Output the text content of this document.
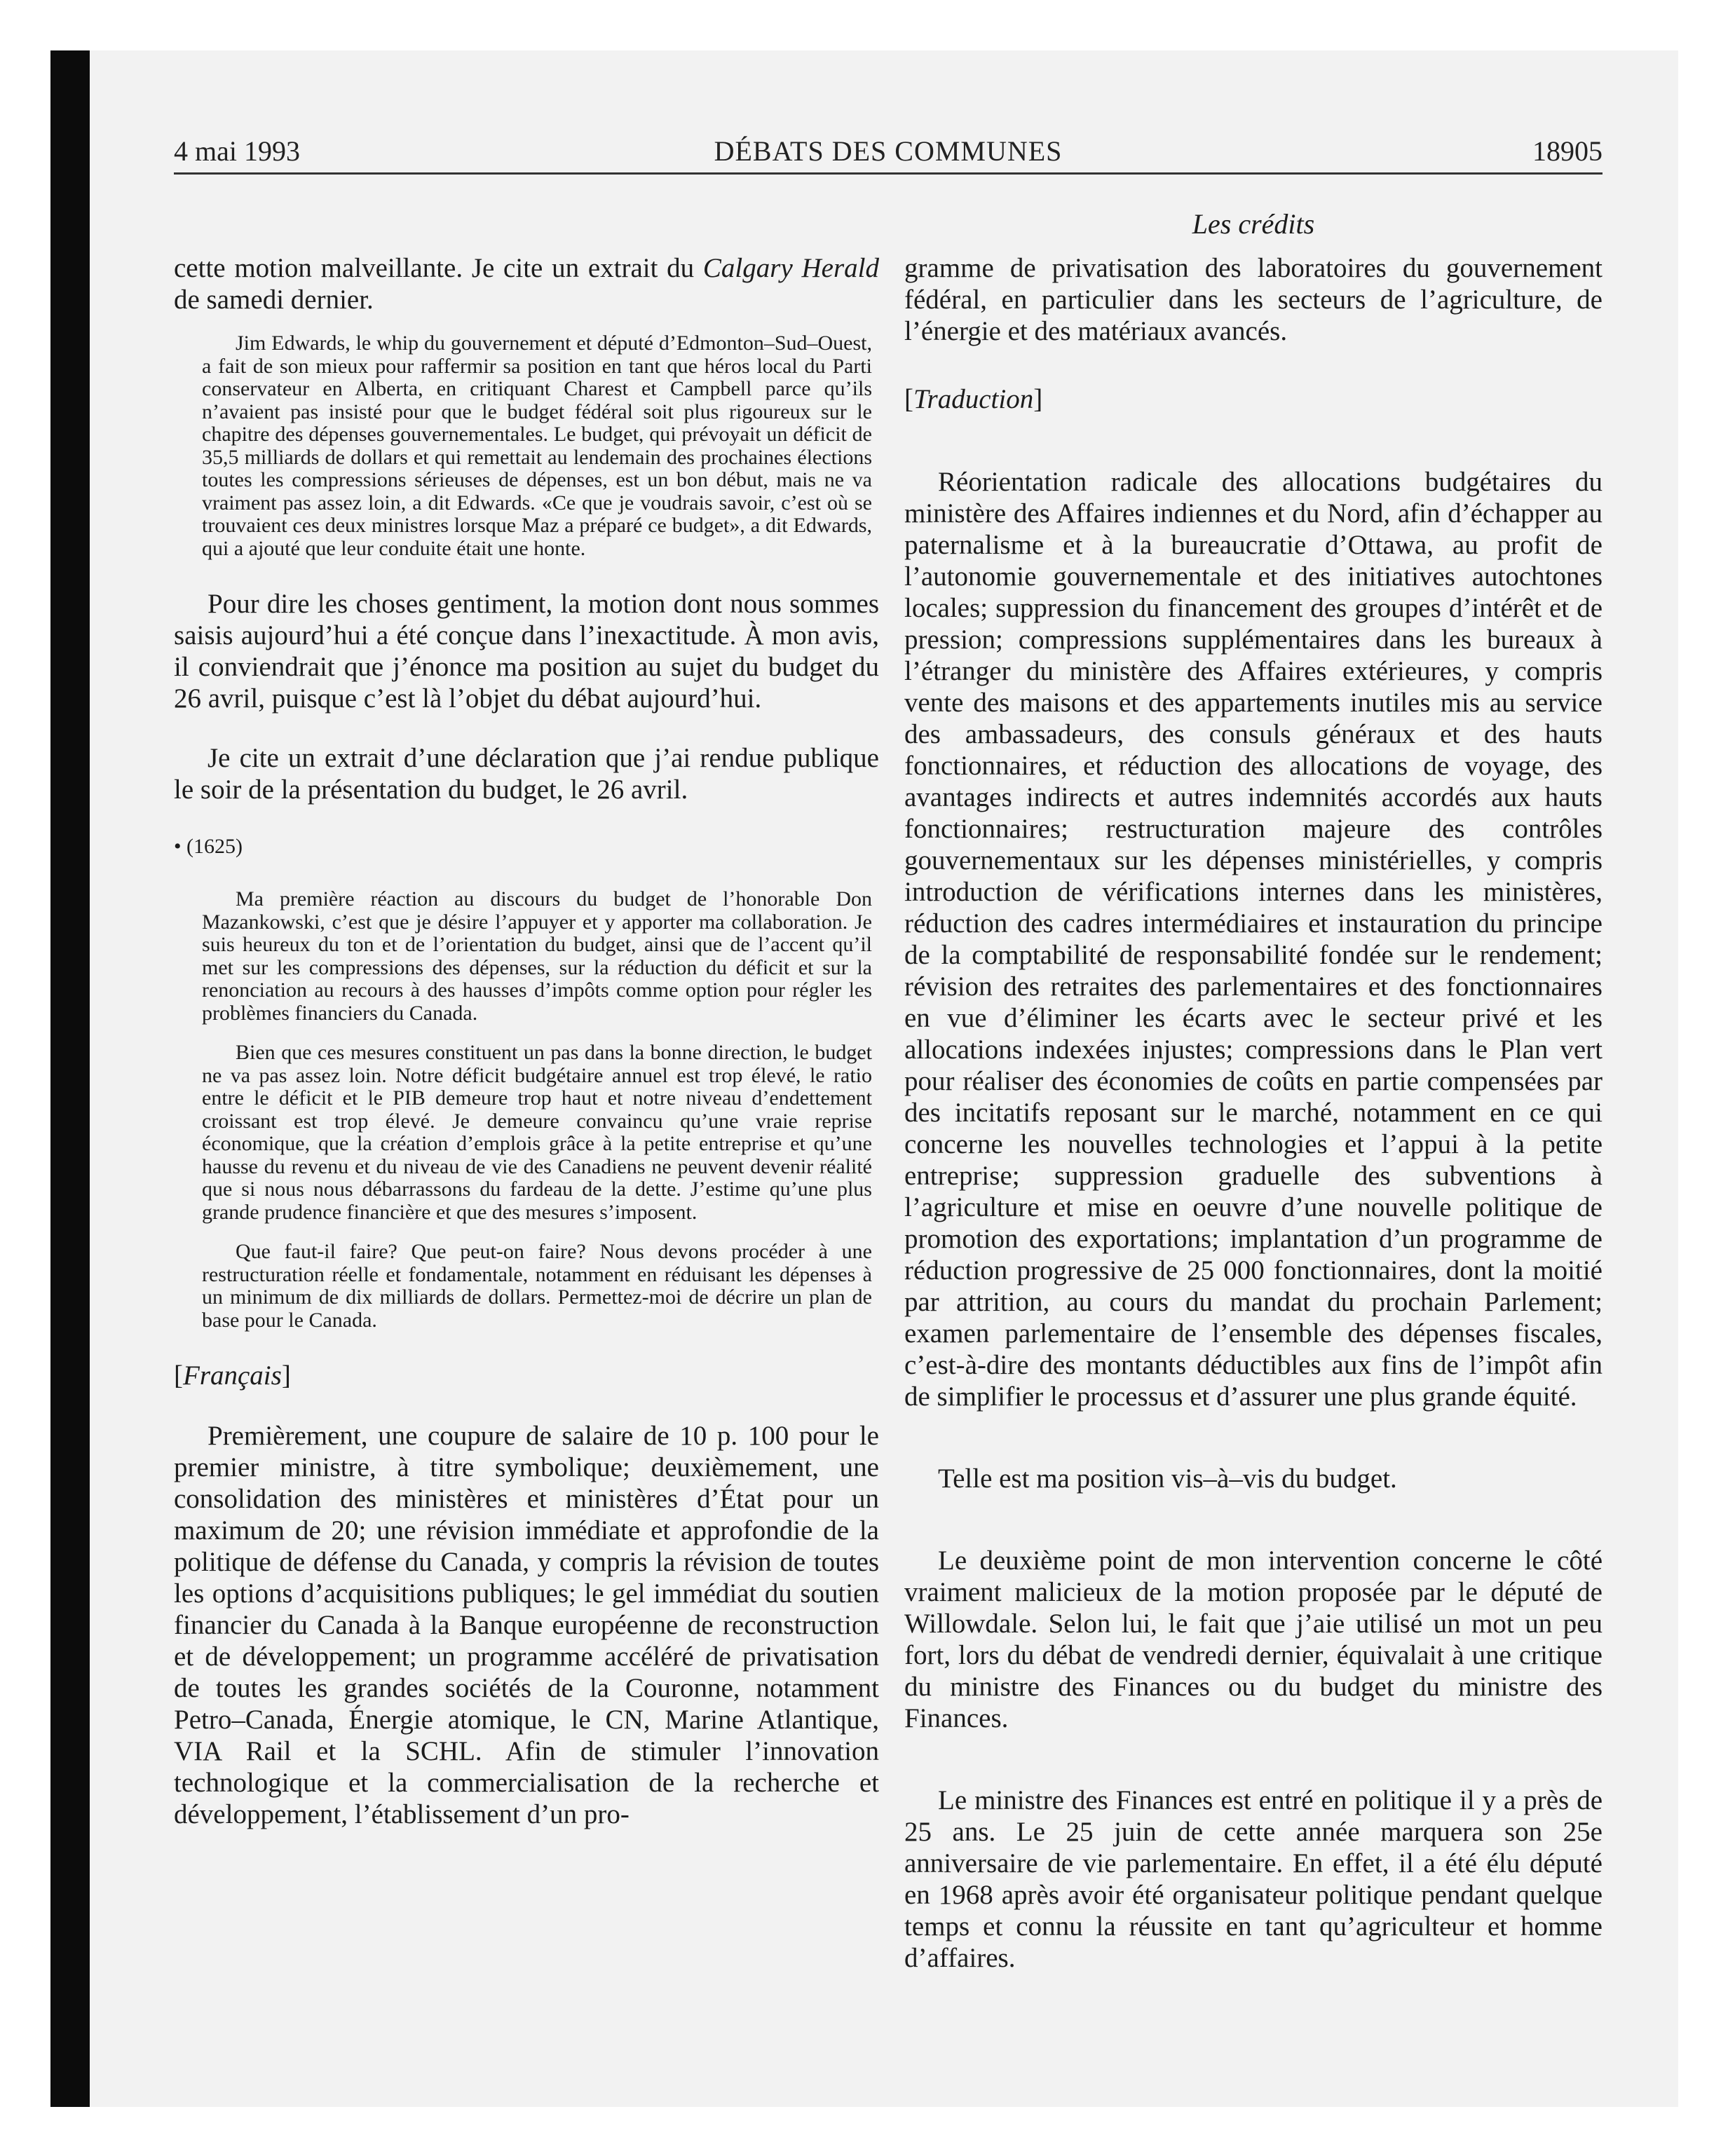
4 mai 1993	DÉBATS DES COMMUNES	18905
Les crédits

cette motion malveillante. Je cite un extrait du Calgary Herald de samedi dernier.

Jim Edwards, le whip du gouvernement et député d’Edmonton–Sud–Ouest, a fait de son mieux pour raffermir sa position en tant que héros local du Parti conservateur en Alberta, en critiquant Charest et Campbell parce qu’ils n’avaient pas insisté pour que le budget fédéral soit plus rigoureux sur le chapitre des dépenses gouvernementales. Le budget, qui prévoyait un déficit de 35,5 milliards de dollars et qui remettait au lendemain des prochaines élections toutes les compressions sérieuses de dépenses, est un bon début, mais ne va vraiment pas assez loin, a dit Edwards. «Ce que je voudrais savoir, c’est où se trouvaient ces deux ministres lorsque Maz a préparé ce budget», a dit Edwards, qui a ajouté que leur conduite était une honte.

Pour dire les choses gentiment, la motion dont nous sommes saisis aujourd’hui a été conçue dans l’inexactitude. À mon avis, il conviendrait que j’énonce ma position au sujet du budget du 26 avril, puisque c’est là l’objet du débat aujourd’hui.

Je cite un extrait d’une déclaration que j’ai rendue publique le soir de la présentation du budget, le 26 avril.

• (1625)

Ma première réaction au discours du budget de l’honorable Don Mazankowski, c’est que je désire l’appuyer et y apporter ma collaboration. Je suis heureux du ton et de l’orientation du budget, ainsi que de l’accent qu’il met sur les compressions des dépenses, sur la réduction du déficit et sur la renonciation au recours à des hausses d’impôts comme option pour régler les problèmes financiers du Canada.

Bien que ces mesures constituent un pas dans la bonne direction, le budget ne va pas assez loin. Notre déficit budgétaire annuel est trop élevé, le ratio entre le déficit et le PIB demeure trop haut et notre niveau d’endettement croissant est trop élevé. Je demeure convaincu qu’une vraie reprise économique, que la création d’emplois grâce à la petite entreprise et qu’une hausse du revenu et du niveau de vie des Canadiens ne peuvent devenir réalité que si nous nous débarrassons du fardeau de la dette. J’estime qu’une plus grande prudence financière et que des mesures s’imposent.

Que faut-il faire? Que peut-on faire? Nous devons procéder à une restructuration réelle et fondamentale, notamment en réduisant les dépenses à un minimum de dix milliards de dollars. Permettez-moi de décrire un plan de base pour le Canada.

[Français]

Premièrement, une coupure de salaire de 10 p. 100 pour le premier ministre, à titre symbolique; deuxièmement, une consolidation des ministères et ministères d’État pour un maximum de 20; une révision immédiate et approfondie de la politique de défense du Canada, y compris la révision de toutes les options d’acquisitions publiques; le gel immédiat du soutien financier du Canada à la Banque européenne de reconstruction et de développement; un programme accéléré de privatisation de toutes les grandes sociétés de la Couronne, notamment Petro–Canada, Énergie atomique, le CN, Marine Atlantique, VIA Rail et la SCHL. Afin de stimuler l’innovation technologique et la commercialisation de la recherche et développement, l’établissement d’un pro-

gramme de privatisation des laboratoires du gouvernement fédéral, en particulier dans les secteurs de l’agriculture, de l’énergie et des matériaux avancés.

[Traduction]

Réorientation radicale des allocations budgétaires du ministère des Affaires indiennes et du Nord, afin d’échapper au paternalisme et à la bureaucratie d’Ottawa, au profit de l’autonomie gouvernementale et des initiatives autochtones locales; suppression du financement des groupes d’intérêt et de pression; compressions supplémentaires dans les bureaux à l’étranger du ministère des Affaires extérieures, y compris vente des maisons et des appartements inutiles mis au service des ambassadeurs, des consuls généraux et des hauts fonctionnaires, et réduction des allocations de voyage, des avantages indirects et autres indemnités accordés aux hauts fonctionnaires; restructuration majeure des contrôles gouvernementaux sur les dépenses ministérielles, y compris introduction de vérifications internes dans les ministères, réduction des cadres intermédiaires et instauration du principe de la comptabilité de responsabilité fondée sur le rendement; révision des retraites des parlementaires et des fonctionnaires en vue d’éliminer les écarts avec le secteur privé et les allocations indexées injustes; compressions dans le Plan vert pour réaliser des économies de coûts en partie compensées par des incitatifs reposant sur le marché, notamment en ce qui concerne les nouvelles technologies et l’appui à la petite entreprise; suppression graduelle des subventions à l’agriculture et mise en oeuvre d’une nouvelle politique de promotion des exportations; implantation d’un programme de réduction progressive de 25 000 fonctionnaires, dont la moitié par attrition, au cours du mandat du prochain Parlement; examen parlementaire de l’ensemble des dépenses fiscales, c’est-à-dire des montants déductibles aux fins de l’impôt afin de simplifier le processus et d’assurer une plus grande équité.

Telle est ma position vis–à–vis du budget.

Le deuxième point de mon intervention concerne le côté vraiment malicieux de la motion proposée par le député de Willowdale. Selon lui, le fait que j’aie utilisé un mot un peu fort, lors du débat de vendredi dernier, équivalait à une critique du ministre des Finances ou du budget du ministre des Finances.

Le ministre des Finances est entré en politique il y a près de 25 ans. Le 25 juin de cette année marquera son 25e anniversaire de vie parlementaire. En effet, il a été élu député en 1968 après avoir été organisateur politique pendant quelque temps et connu la réussite en tant qu’agriculteur et homme d’affaires.
